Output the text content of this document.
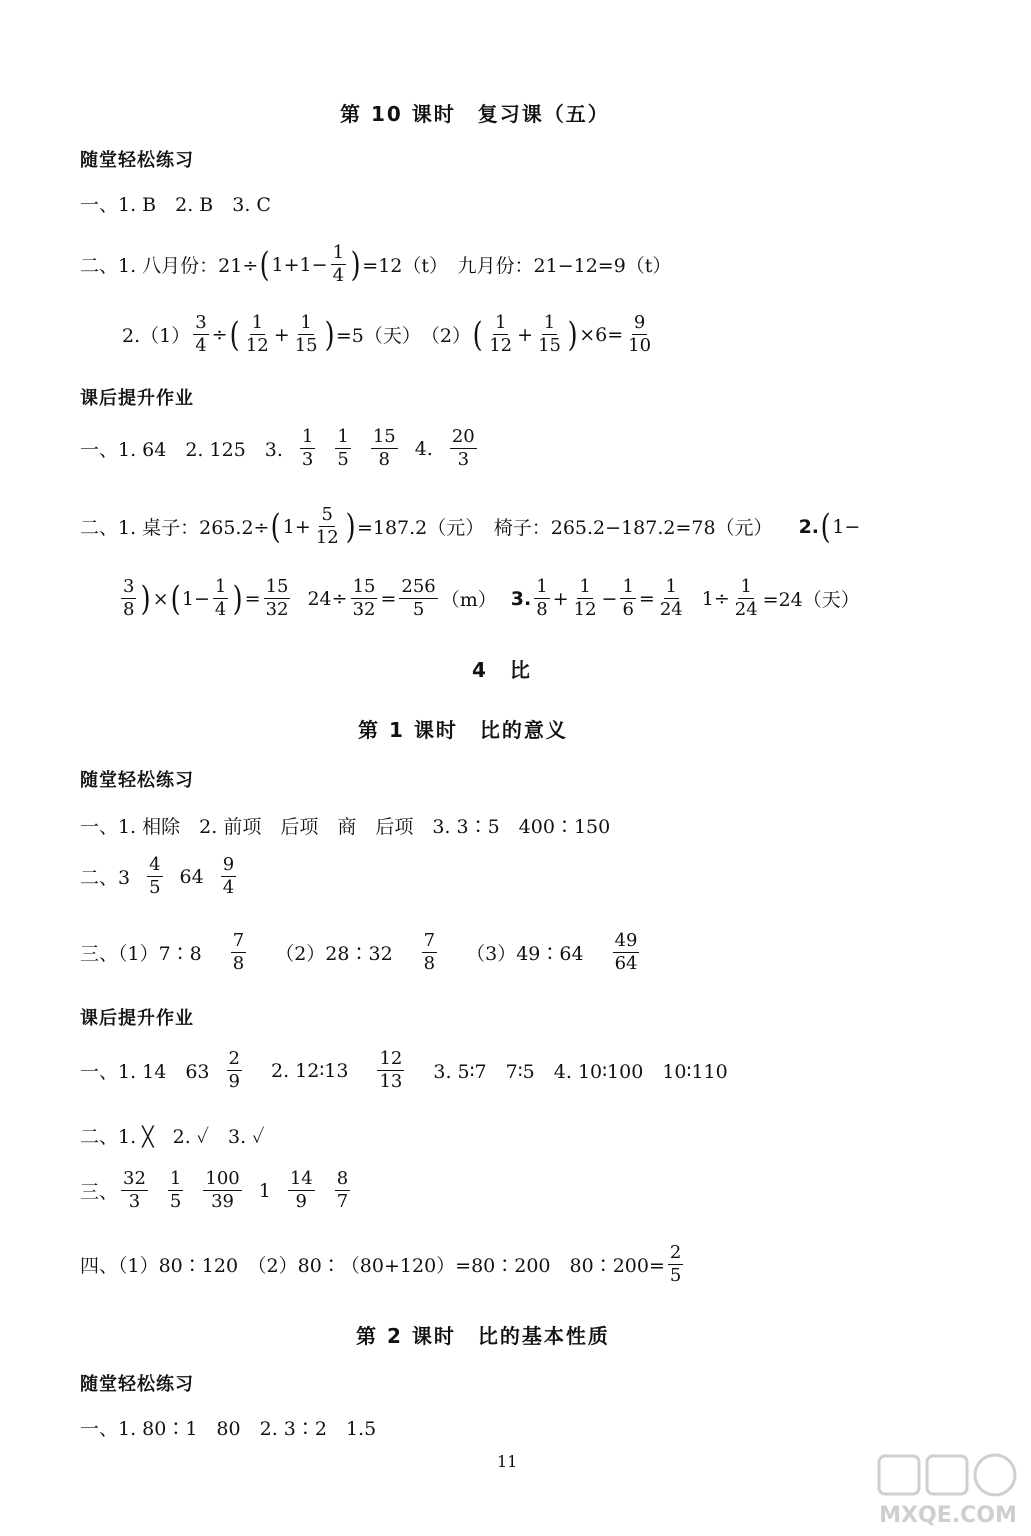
第 10 课时　复习课（五）
随堂轻松练习
一、1. B　2. B　3. C
二、1. 八月份：21÷ ( $1+1- \frac{1}{4}$ ) =12（t）　九月份：21−12=9（t）
$2.(1) \frac{3}{4}$ ÷ ( $\frac{1}{12} + \frac{1}{15}$ ) =5（天）　（2） ( $\frac{1}{12} + \frac{1}{15}$ ) $\times 6= \frac{9}{10}$
课后提升作业
一、1. 64　2. 125　3. $\frac{1}{3} \frac{1}{5} \frac{15}{8} 4$. $\frac{20}{3}$
二、1. 桌子：265.2÷ ( $1+ \frac{5}{12}$ ) =187.2（元）　椅子：265.2−187.2=78（元） 2. ( 1−
$\frac{3}{8}$ ) × ( $1- \frac{1}{4}$ ) = $\frac{15}{32} 24\div \frac{15}{32} = \frac{256}{5} (m)$ 3. $\frac{1}{8} + \frac{1}{12} - \frac{1}{6} = \frac{1}{24} 1\div \frac{1}{24} =24$（天）
4　比
第 1 课时　比的意义
随堂轻松练习
一、1. 相除　2. 前项　后项　商　后项　3. 3∶5　400∶150
二、$3 \frac{4}{5} 64 \frac{9}{4}$
三、（1）7∶8 $\frac{7}{8}$ （2）28∶32 $\frac{7}{8}$ （3）49∶64 $\frac{49}{64}$
课后提升作业
一、1. 14　$63 \frac{2}{9} 2$. 12∶13 $\frac{12}{13} 3$. 5∶7　7∶5　4. 10∶100　10∶110
二、1. ╳　2. ✓　3. ✓
三、 $\frac{32}{3} \frac{1}{5} \frac{100}{39} 1 \frac{14}{9} \frac{8}{7}$
四、（1）80∶120　（2）80∶（80+120）=80∶200　80∶200= $\frac{2}{5}$
第 2 课时　比的基本性质
随堂轻松练习
一、1. 80∶1　80　2. 3∶2　1.5
11
MXQE.COM
